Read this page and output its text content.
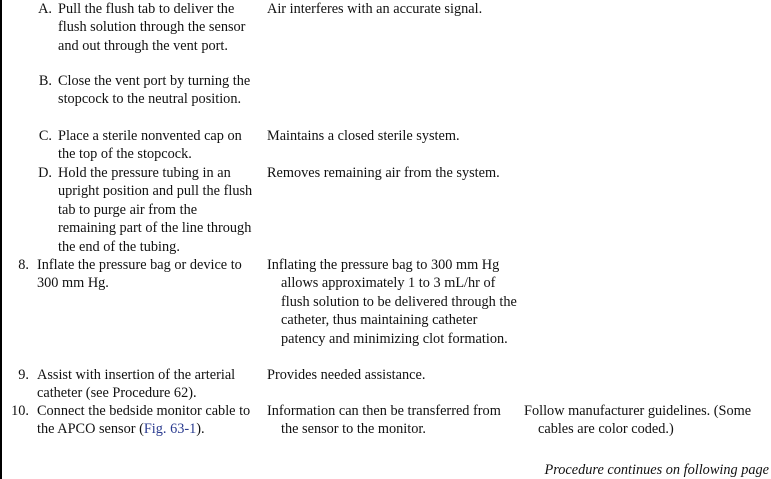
A. Pull the flush tab to deliver the flush solution through the sensor and out through the vent port.
Air interferes with an accurate signal.
B. Close the vent port by turning the stopcock to the neutral position.
C. Place a sterile nonvented cap on the top of the stopcock.
Maintains a closed sterile system.
D. Hold the pressure tubing in an upright position and pull the flush tab to purge air from the remaining part of the line through the end of the tubing.
Removes remaining air from the system.
8. Inflate the pressure bag or device to 300 mm Hg.
Inflating the pressure bag to 300 mm Hg allows approximately 1 to 3 mL/hr of flush solution to be delivered through the catheter, thus maintaining catheter patency and minimizing clot formation.
9. Assist with insertion of the arterial catheter (see Procedure 62).
Provides needed assistance.
10. Connect the bedside monitor cable to the APCO sensor (Fig. 63-1).
Information can then be transferred from the sensor to the monitor.
Follow manufacturer guidelines. (Some cables are color coded.)
Procedure continues on following page
